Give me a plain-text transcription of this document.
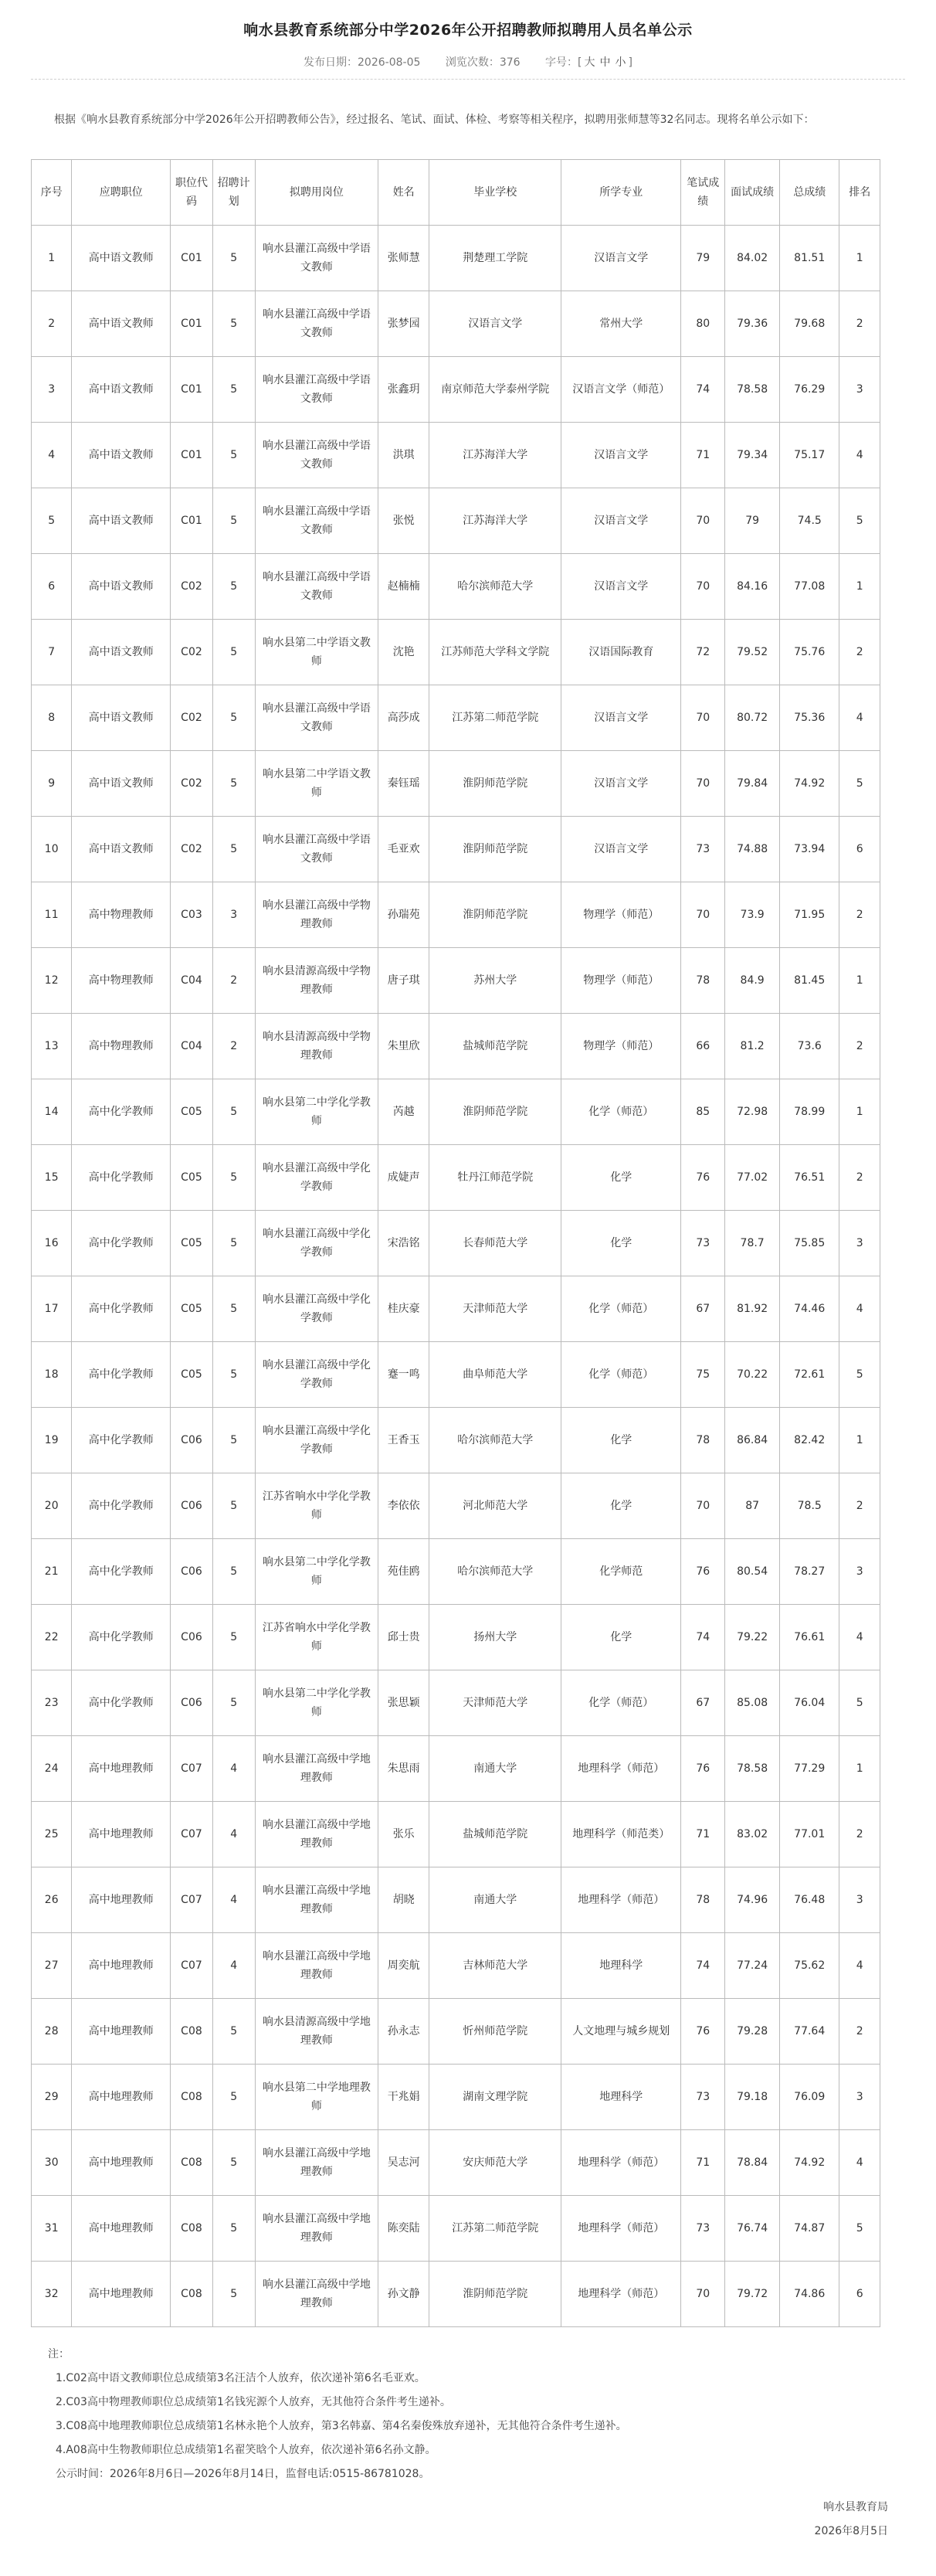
响水县教育系统部分中学2026年公开招聘教师拟聘用人员名单公示
发布日期：2026-08-05 浏览次数：376 字号：[ 大 中 小 ]
根据《响水县教育系统部分中学2026年公开招聘教师公告》，经过报名、笔试、面试、体检、考察等相关程序，拟聘用张师慧等32名同志。现将名单公示如下：
序号	应聘职位	职位代码	招聘计划	拟聘用岗位	姓名	毕业学校	所学专业	笔试成绩	面试成绩	总成绩	排名
1	高中语文教师	C01	5	响水县灌江高级中学语文教师	张师慧	荆楚理工学院	汉语言文学	79	84.02	81.51	1
2	高中语文教师	C01	5	响水县灌江高级中学语文教师	张梦园	汉语言文学	常州大学	80	79.36	79.68	2
3	高中语文教师	C01	5	响水县灌江高级中学语文教师	张鑫玥	南京师范大学泰州学院	汉语言文学（师范）	74	78.58	76.29	3
4	高中语文教师	C01	5	响水县灌江高级中学语文教师	洪琪	江苏海洋大学	汉语言文学	71	79.34	75.17	4
5	高中语文教师	C01	5	响水县灌江高级中学语文教师	张悦	江苏海洋大学	汉语言文学	70	79	74.5	5
6	高中语文教师	C02	5	响水县灌江高级中学语文教师	赵楠楠	哈尔滨师范大学	汉语言文学	70	84.16	77.08	1
7	高中语文教师	C02	5	响水县第二中学语文教师	沈艳	江苏师范大学科文学院	汉语国际教育	72	79.52	75.76	2
8	高中语文教师	C02	5	响水县灌江高级中学语文教师	高莎成	江苏第二师范学院	汉语言文学	70	80.72	75.36	4
9	高中语文教师	C02	5	响水县第二中学语文教师	秦钰瑶	淮阴师范学院	汉语言文学	70	79.84	74.92	5
10	高中语文教师	C02	5	响水县灌江高级中学语文教师	毛亚欢	淮阴师范学院	汉语言文学	73	74.88	73.94	6
11	高中物理教师	C03	3	响水县灌江高级中学物理教师	孙瑞苑	淮阴师范学院	物理学（师范）	70	73.9	71.95	2
12	高中物理教师	C04	2	响水县清源高级中学物理教师	唐子琪	苏州大学	物理学（师范）	78	84.9	81.45	1
13	高中物理教师	C04	2	响水县清源高级中学物理教师	朱里欣	盐城师范学院	物理学（师范）	66	81.2	73.6	2
14	高中化学教师	C05	5	响水县第二中学化学教师	芮越	淮阴师范学院	化学（师范）	85	72.98	78.99	1
15	高中化学教师	C05	5	响水县灌江高级中学化学教师	成婕声	牡丹江师范学院	化学	76	77.02	76.51	2
16	高中化学教师	C05	5	响水县灌江高级中学化学教师	宋浩铭	长春师范大学	化学	73	78.7	75.85	3
17	高中化学教师	C05	5	响水县灌江高级中学化学教师	桂庆豪	天津师范大学	化学（师范）	67	81.92	74.46	4
18	高中化学教师	C05	5	响水县灌江高级中学化学教师	蹇一鸣	曲阜师范大学	化学（师范）	75	70.22	72.61	5
19	高中化学教师	C06	5	响水县灌江高级中学化学教师	王香玉	哈尔滨师范大学	化学	78	86.84	82.42	1
20	高中化学教师	C06	5	江苏省响水中学化学教师	李依依	河北师范大学	化学	70	87	78.5	2
21	高中化学教师	C06	5	响水县第二中学化学教师	苑佳鸥	哈尔滨师范大学	化学师范	76	80.54	78.27	3
22	高中化学教师	C06	5	江苏省响水中学化学教师	邱士贵	扬州大学	化学	74	79.22	76.61	4
23	高中化学教师	C06	5	响水县第二中学化学教师	张思颖	天津师范大学	化学（师范）	67	85.08	76.04	5
24	高中地理教师	C07	4	响水县灌江高级中学地理教师	朱思雨	南通大学	地理科学（师范）	76	78.58	77.29	1
25	高中地理教师	C07	4	响水县灌江高级中学地理教师	张乐	盐城师范学院	地理科学（师范类）	71	83.02	77.01	2
26	高中地理教师	C07	4	响水县灌江高级中学地理教师	胡晓	南通大学	地理科学（师范）	78	74.96	76.48	3
27	高中地理教师	C07	4	响水县灌江高级中学地理教师	周奕航	吉林师范大学	地理科学	74	77.24	75.62	4
28	高中地理教师	C08	5	响水县清源高级中学地理教师	孙永志	忻州师范学院	人文地理与城乡规划	76	79.28	77.64	2
29	高中地理教师	C08	5	响水县第二中学地理教师	干兆娟	湖南文理学院	地理科学	73	79.18	76.09	3
30	高中地理教师	C08	5	响水县灌江高级中学地理教师	吴志河	安庆师范大学	地理科学（师范）	71	78.84	74.92	4
31	高中地理教师	C08	5	响水县灌江高级中学地理教师	陈奕陆	江苏第二师范学院	地理科学（师范）	73	76.74	74.87	5
32	高中地理教师	C08	5	响水县灌江高级中学地理教师	孙文静	淮阴师范学院	地理科学（师范）	70	79.72	74.86	6
注：
1.C02高中语文教师职位总成绩第3名汪洁个人放弃，依次递补第6名毛亚欢。
2.C03高中物理教师职位总成绩第1名钱宪源个人放弃，无其他符合条件考生递补。
3.C08高中地理教师职位总成绩第1名林永艳个人放弃，第3名韩嘉、第4名秦俊殊放弃递补，无其他符合条件考生递补。
4.A08高中生物教师职位总成绩第1名翟笑晗个人放弃，依次递补第6名孙文静。
公示时间：2026年8月6日—2026年8月14日，监督电话:0515-86781028。
响水县教育局
2026年8月5日
